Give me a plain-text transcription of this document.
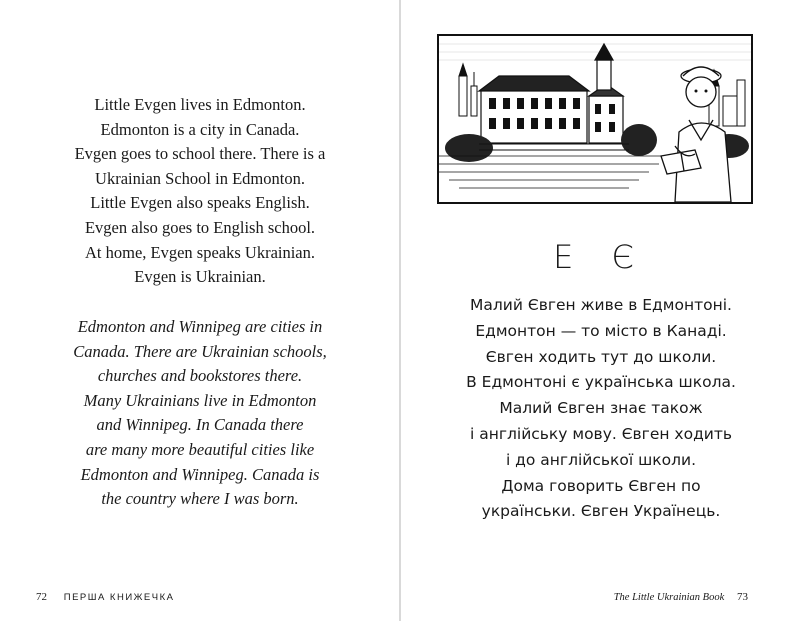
Little Evgen lives in Edmonton.
Edmonton is a city in Canada.
Evgen goes to school there. There is a
Ukrainian School in Edmonton.
Little Evgen also speaks English.
Evgen also goes to English school.
At home, Evgen speaks Ukrainian.
Evgen is Ukrainian.
Edmonton and Winnipeg are cities in
Canada. There are Ukrainian schools,
churches and bookstores there.
Many Ukrainians live in Edmonton
and Winnipeg. In Canada there
are many more beautiful cities like
Edmonton and Winnipeg. Canada is
the country where I was born.
72 ПЕРША КНИЖЕЧКА
Е Є
Малий Євген живе в Едмонтоні.
Едмонтон — то місто в Канаді.
Євген ходить тут до школи.
В Едмонтоні є українська школа.
Малий Євген знає також
і англійську мову. Євген ходить
і до англійської школи.
Дома говорить Євген по
українськи. Євген Українець.
The Little Ukrainian Book 73
